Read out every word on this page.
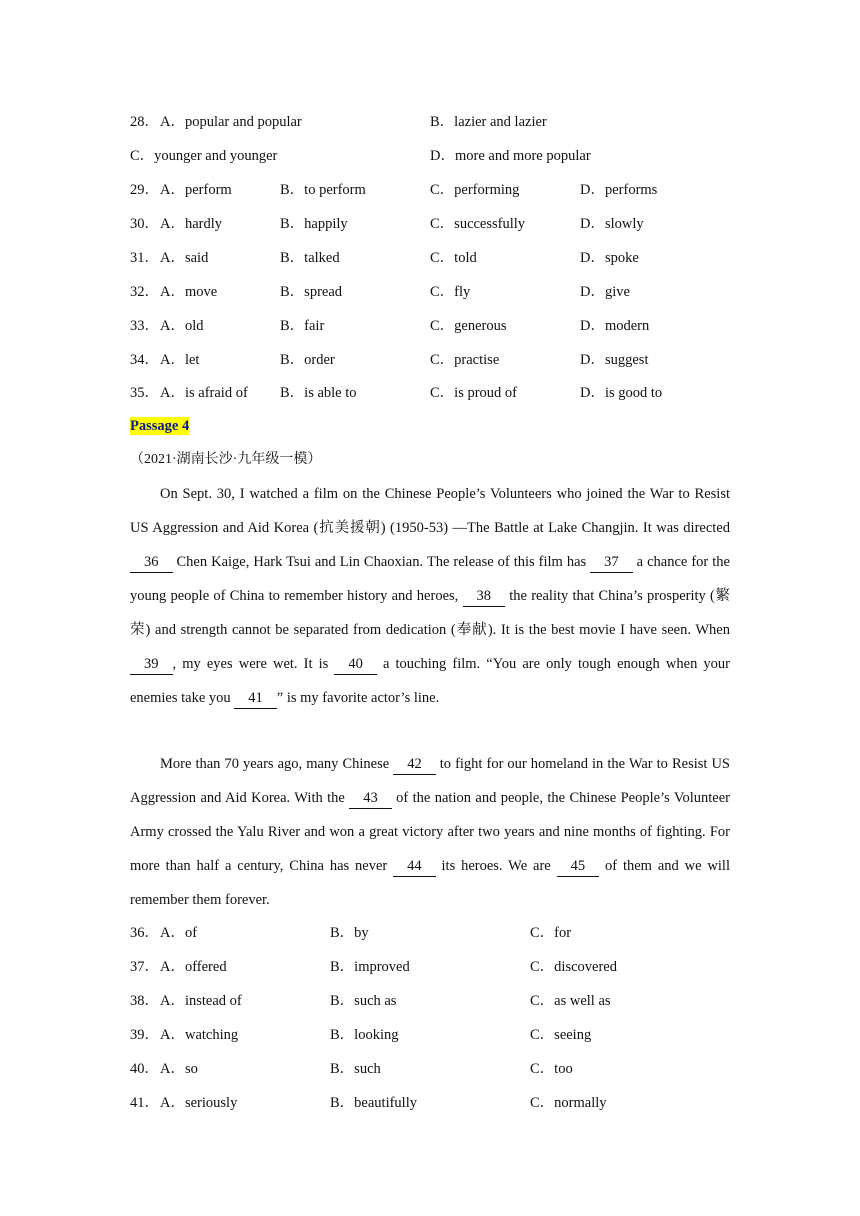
28． A．popular and popular	B．lazier and lazier
C．younger and younger	D．more and more popular
29． A．perform	B．to perform	C．performing	D．performs
30． A．hardly	B．happily	C．successfully	D．slowly
31． A．said	B．talked	C．told	D．spoke
32． A．move	B．spread	C．fly	D．give
33． A．old	B．fair	C．generous	D．modern
34． A．let	B．order	C．practise	D．suggest
35． A．is afraid of B．is able to	C．is proud of	D．is good to
Passage 4
（2021·湖南长沙·九年级一模）

On Sept. 30, I watched a film on the Chinese People’s Volunteers who joined the War to Resist US Aggression and Aid Korea (抗美援朝) (1950-53) —The Battle at Lake Changjin. It was directed 36 Chen Kaige, Hark Tsui and Lin Chaoxian. The release of this film has 37 a chance for the young people of China to remember history and heroes, 38 the reality that China’s prosperity (繁荣) and strength cannot be separated from dedication (奉献). It is the best movie I have seen. When 39 , my eyes were wet. It is 40 a touching film. “You are only tough enough when your enemies take you 41 ” is my favorite actor’s line.

More than 70 years ago, many Chinese 42 to fight for our homeland in the War to Resist US Aggression and Aid Korea. With the 43 of the nation and people, the Chinese People’s Volunteer Army crossed the Yalu River and won a great victory after two years and nine months of fighting. For more than half a century, China has never 44 its heroes. We are 45 of them and we will remember them forever.

36． A．of	B．by	C．for
37． A．offered	B．improved	C．discovered
38． A．instead of	B．such as	C．as well as
39． A．watching	B．looking	C．seeing
40． A．so	B．such	C．too
41． A．seriously	B．beautifully	C．normally
